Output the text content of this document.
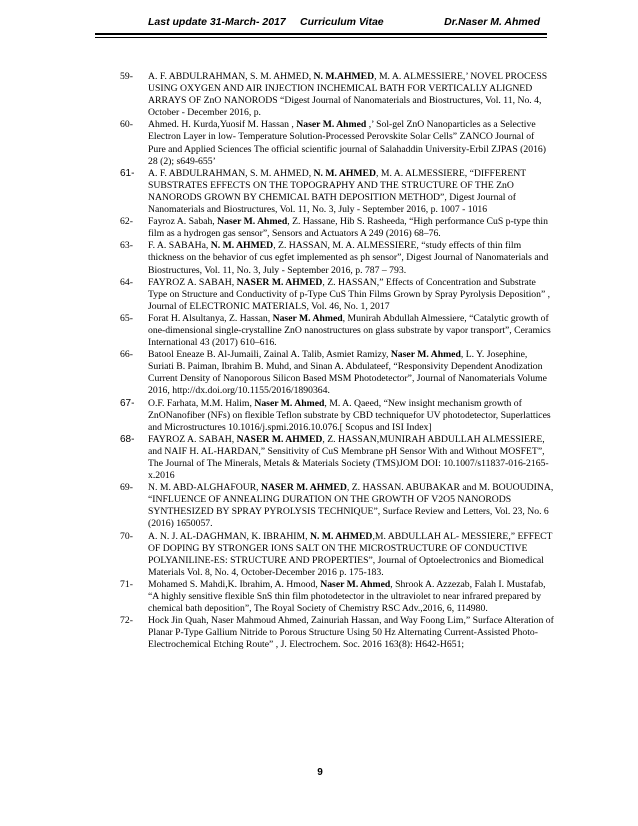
Last update 31-March- 2017 Curriculum Vitae	Dr.Naser M. Ahmed
59- A. F. ABDULRAHMAN, S. M. AHMED, N. M.AHMED, M. A. ALMESSIERE,’ NOVEL PROCESS USING OXYGEN AND AIR INJECTION INCHEMICAL BATH FOR VERTICALLY ALIGNED ARRAYS OF ZnO NANORODS “Digest Journal of Nanomaterials and Biostructures, Vol. 11, No. 4, October - December 2016, p.
60- Ahmed. H. Kurda,Yuosif M. Hassan , Naser M. Ahmed ,’ Sol-gel ZnO Nanoparticles as a Selective Electron Layer in low- Temperature Solution-Processed Perovskite Solar Cells” ZANCO Journal of Pure and Applied Sciences The official scientific journal of Salahaddin University-Erbil ZJPAS (2016) 28 (2); s649-655’
61- A. F. ABDULRAHMAN, S. M. AHMED, N. M. AHMED, M. A. ALMESSIERE, “DIFFERENT SUBSTRATES EFFECTS ON THE TOPOGRAPHY AND THE STRUCTURE OF THE ZnO NANORODS GROWN BY CHEMICAL BATH DEPOSITION METHOD”, Digest Journal of Nanomaterials and Biostructures, Vol. 11, No. 3, July - September 2016, p. 1007 - 1016
62- Fayroz A. Sabah, Naser M. Ahmed, Z. Hassane, Hib S. Rasheeda, “High performance CuS p-type thin film as a hydrogen gas sensor”, Sensors and Actuators A 249 (2016) 68–76.
63- F. A. SABAHa, N. M. AHMED, Z. HASSAN, M. A. ALMESSIERE, “study effects of thin film thickness on the behavior of cus egfet implemented as ph sensor”, Digest Journal of Nanomaterials and Biostructures, Vol. 11, No. 3, July - September 2016, p. 787 – 793.
64- FAYROZ A. SABAH, NASER M. AHMED, Z. HASSAN,” Effects of Concentration and Substrate Type on Structure and Conductivity of p-Type CuS Thin Films Grown by Spray Pyrolysis Deposition” , Journal of ELECTRONIC MATERIALS, Vol. 46, No. 1, 2017
65- Forat H. Alsultanya, Z. Hassan, Naser M. Ahmed, Munirah Abdullah Almessiere, “Catalytic growth of one-dimensional single-crystalline ZnO nanostructures on glass substrate by vapor transport”, Ceramics International 43 (2017) 610–616.
66- Batool Eneaze B. Al-Jumaili, Zainal A. Talib, Asmiet Ramizy, Naser M. Ahmed, L. Y. Josephine, Suriati B. Paiman, Ibrahim B. Muhd, and Sinan A. Abdulateef, “Responsivity Dependent Anodization Current Density of Nanoporous Silicon Based MSM Photodetector”, Journal of Nanomaterials Volume 2016, http://dx.doi.org/10.1155/2016/1890364.
67- O.F. Farhata, M.M. Halim, Naser M. Ahmed, M. A. Qaeed, “New insight mechanism growth of ZnONanofiber (NFs) on flexible Teflon substrate by CBD techniquefor UV photodetector, Superlattices and Microstructures 10.1016/j.spmi.2016.10.076.[ Scopus and ISI Index]
68- FAYROZ A. SABAH, NASER M. AHMED, Z. HASSAN,MUNIRAH ABDULLAH ALMESSIERE, and NAIF H. AL-HARDAN,” Sensitivity of CuS Membrane pH Sensor With and Without MOSFET”, The Journal of The Minerals, Metals & Materials Society (TMS)JOM DOI: 10.1007/s11837-016-2165-x.2016
69- N. M. ABD-ALGHAFOUR, NASER M. AHMED, Z. HASSAN. ABUBAKAR and M. BOUOUDINA, “INFLUENCE OF ANNEALING DURATION ON THE GROWTH OF V2O5 NANORODS SYNTHESIZED BY SPRAY PYROLYSIS TECHNIQUE”, Surface Review and Letters, Vol. 23, No. 6 (2016) 1650057.
70- A. N. J. AL-DAGHMAN, K. IBRAHIM, N. M. AHMED,M. ABDULLAH AL- MESSIERE,” EFFECT OF DOPING BY STRONGER IONS SALT ON THE MICROSTRUCTURE OF CONDUCTIVE POLYANILINE-ES: STRUCTURE AND PROPERTIES”, Journal of Optoelectronics and Biomedical Materials Vol. 8, No. 4, October-December 2016 p. 175-183.
71- Mohamed S. Mahdi,K. Ibrahim, A. Hmood, Naser M. Ahmed, Shrook A. Azzezab, Falah I. Mustafab, “A highly sensitive flexible SnS thin film photodetector in the ultraviolet to near infrared prepared by chemical bath deposition”, The Royal Society of Chemistry RSC Adv.,2016, 6, 114980.
72- Hock Jin Quah, Naser Mahmoud Ahmed, Zainuriah Hassan, and Way Foong Lim,” Surface Alteration of Planar P-Type Gallium Nitride to Porous Structure Using 50 Hz Alternating Current-Assisted Photo-Electrochemical Etching Route” , J. Electrochem. Soc. 2016 163(8): H642-H651;
9
